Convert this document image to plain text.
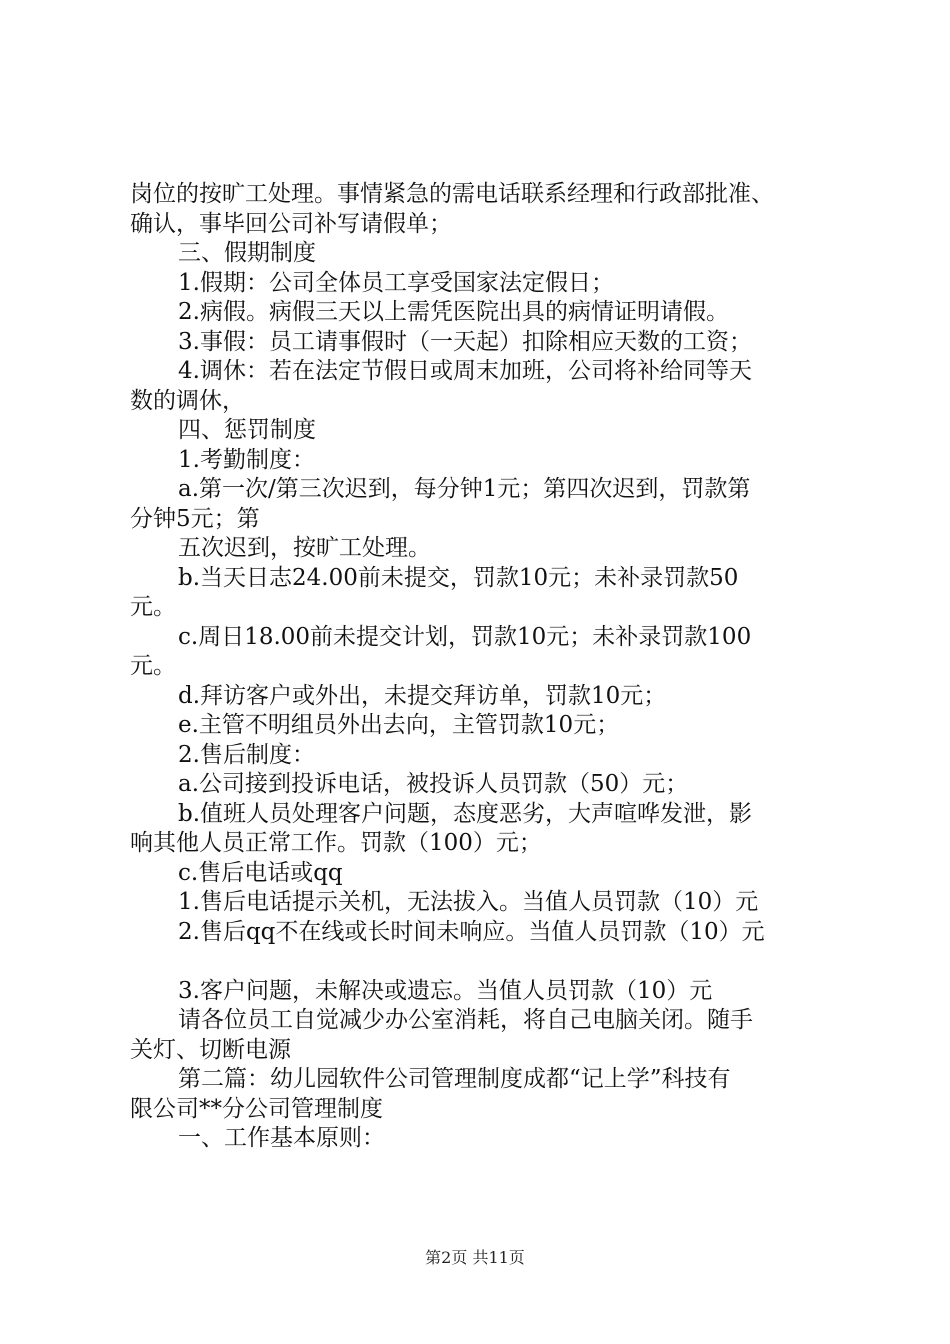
岗位的按旷工处理。事情紧急的需电话联系经理和行政部批准、
确认，事毕回公司补写请假单；
三、假期制度
1.假期：公司全体员工享受国家法定假日；
2.病假。病假三天以上需凭医院出具的病情证明请假。
3.事假：员工请事假时（一天起）扣除相应天数的工资；
4.调休：若在法定节假日或周末加班，公司将补给同等天
数的调休，
四、惩罚制度
1.考勤制度：
a.第一次/第三次迟到，每分钟1元；第四次迟到，罚款第
分钟5元；第
五次迟到，按旷工处理。
b.当天日志24.00前未提交，罚款10元；未补录罚款50
元。
c.周日18.00前未提交计划，罚款10元；未补录罚款100
元。
d.拜访客户或外出，未提交拜访单，罚款10元；
e.主管不明组员外出去向，主管罚款10元；
2.售后制度：
a.公司接到投诉电话，被投诉人员罚款（50）元；
b.值班人员处理客户问题，态度恶劣，大声喧哗发泄，影
响其他人员正常工作。罚款（100）元；
c.售后电话或qq
1.售后电话提示关机，无法拔入。当值人员罚款（10）元
2.售后qq不在线或长时间未响应。当值人员罚款（10）元
3.客户问题，未解决或遗忘。当值人员罚款（10）元
请各位员工自觉减少办公室消耗，将自己电脑关闭。随手
关灯、切断电源
第二篇：幼儿园软件公司管理制度成都“记上学”科技有
限公司**分公司管理制度
一、工作基本原则：
第2页 共11页
